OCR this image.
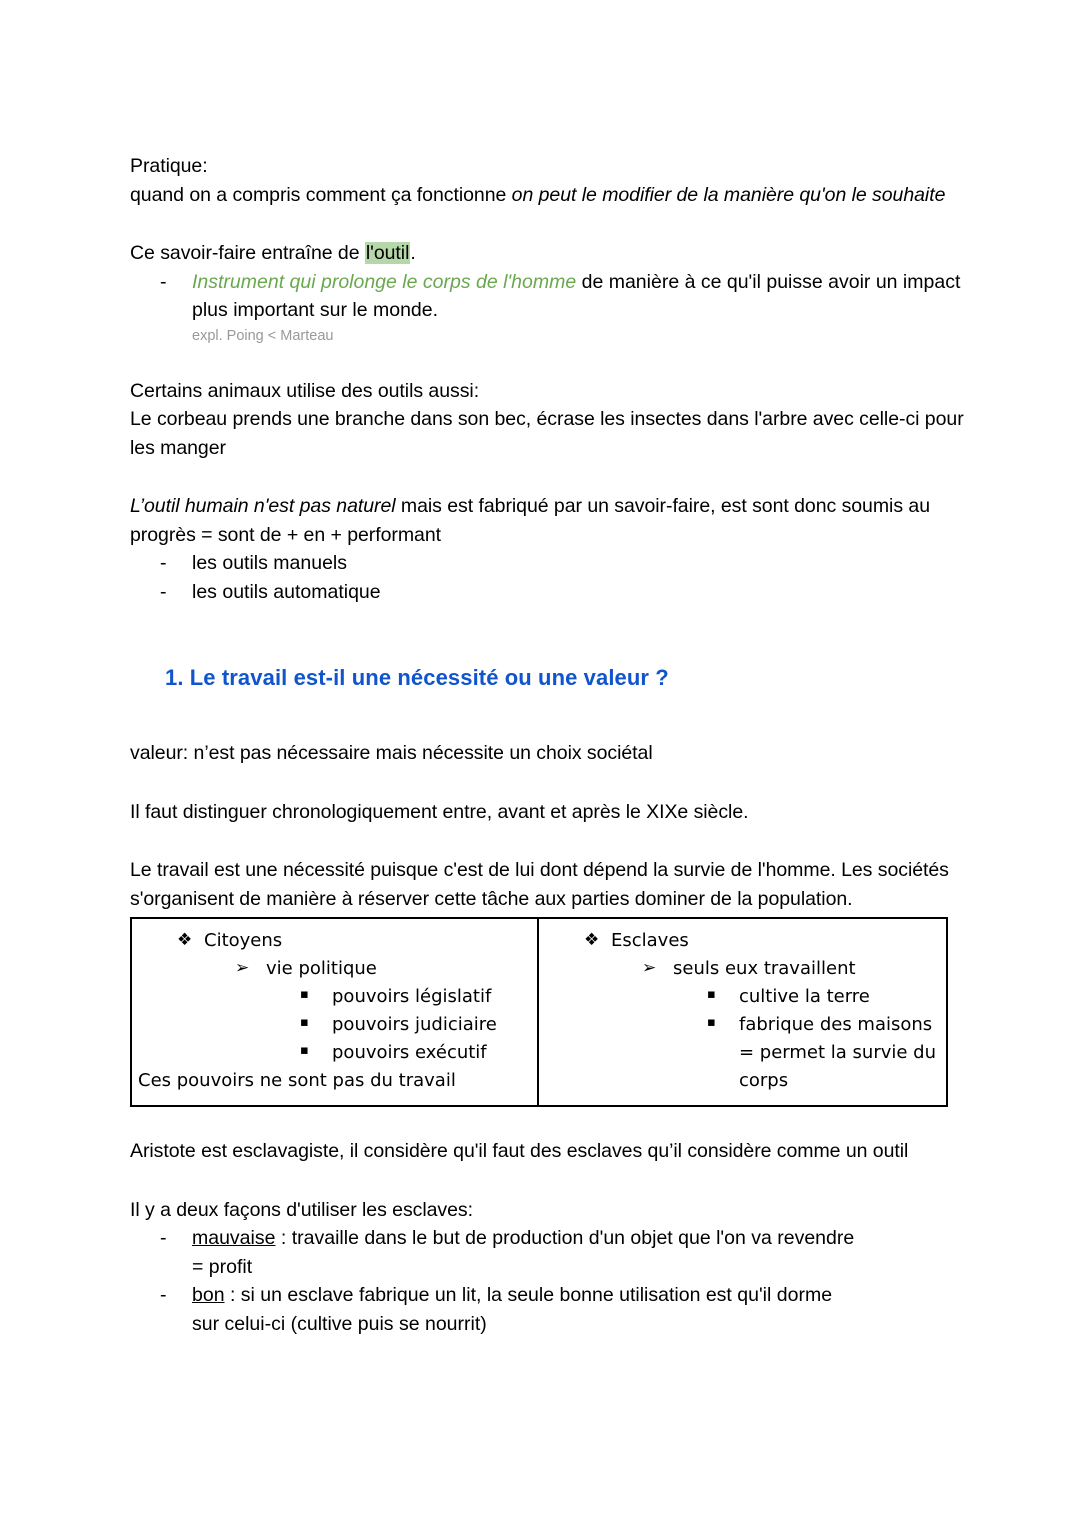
Pratique:

quand on a compris comment ça fonctionne on peut le modifier de la manière qu'on le souhaite

Ce savoir-faire entraîne de l'outil.

-	Instrument qui prolonge le corps de l'homme de manière à ce qu'il puisse avoir un impact plus important sur le monde.
expl. Poing < Marteau

Certains animaux utilise des outils aussi:

Le corbeau prends une branche dans son bec, écrase les insectes dans l'arbre avec celle-ci pour les manger

L’outil humain n'est pas naturel mais est fabriqué par un savoir-faire, est sont donc soumis au progrès = sont de + en + performant

-	les outils manuels
-	les outils automatique
1. Le travail est-il une nécessité ou une valeur ?

valeur: n’est pas nécessaire mais nécessite un choix sociétal

Il faut distinguer chronologiquement entre, avant et après le XIXe siècle.

Le travail est une nécessité puisque c'est de lui dont dépend la survie de l'homme. Les sociétés s'organisent de manière à réserver cette tâche aux parties dominer de la population.

❖ Citoyens
➢ vie politique
▪ pouvoirs législatif
▪ pouvoirs judiciaire
▪ pouvoirs exécutif
Ces pouvoirs ne sont pas du travail
❖ Esclaves
➢ seuls eux travaillent
▪ cultive la terre
▪ fabrique des maisons
= permet la survie du
corps

Aristote est esclavagiste, il considère qu'il faut des esclaves qu’il considère comme un outil

Il y a deux façons d'utiliser les esclaves:

-	mauvaise : travaille dans le but de production d'un objet que l'on va revendre
= profit
-	bon : si un esclave fabrique un lit, la seule bonne utilisation est qu'il dorme
sur celui-ci (cultive puis se nourrit)
